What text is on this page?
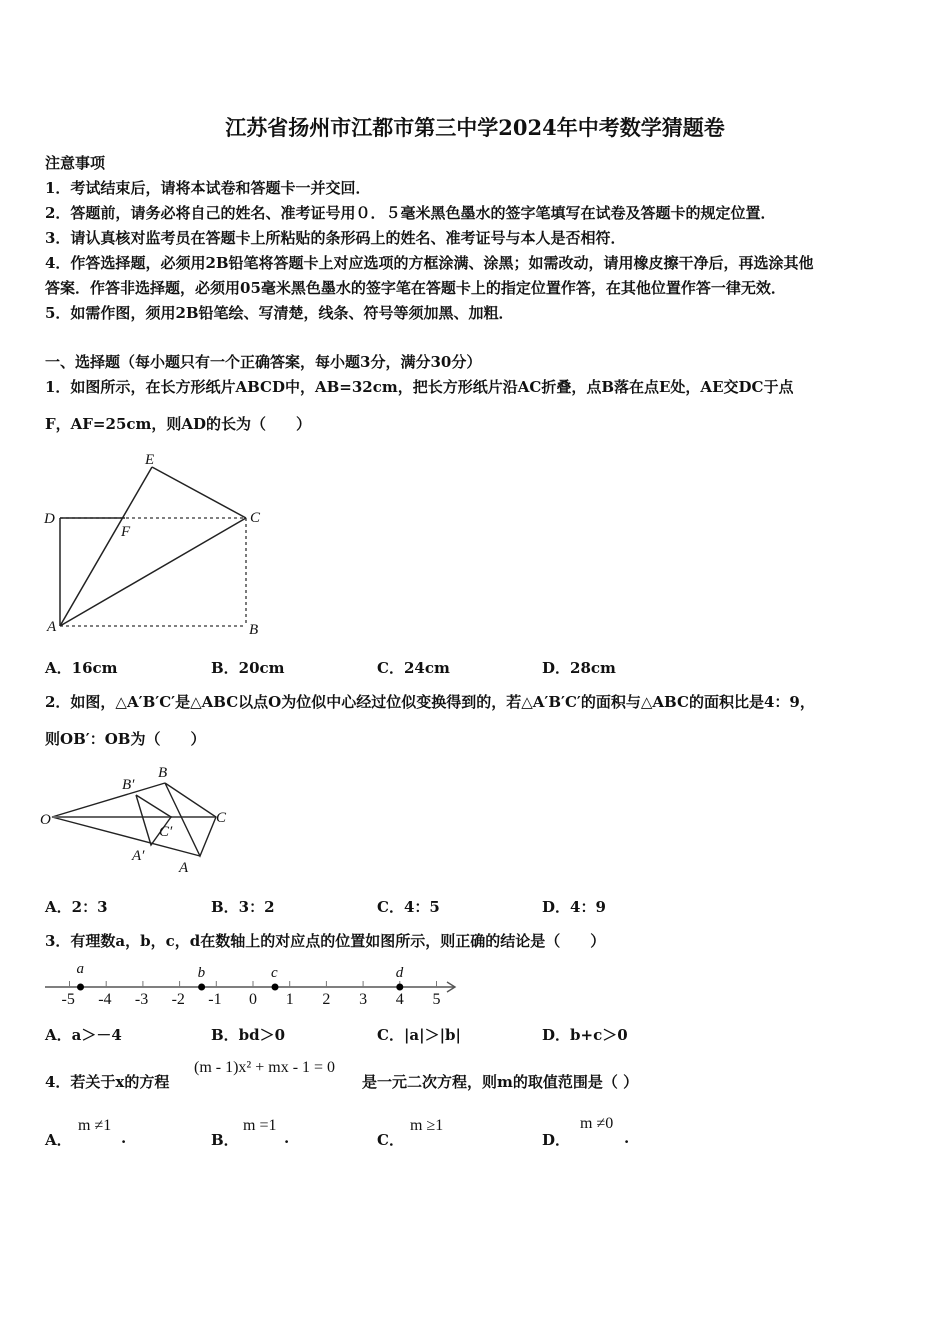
江苏省扬州市江都市第三中学2024年中考数学猜题卷
注意事项
1．考试结束后，请将本试卷和答题卡一并交回．
2．答题前，请务必将自己的姓名、准考证号用０．５毫米黑色墨水的签字笔填写在试卷及答题卡的规定位置．
3．请认真核对监考员在答题卡上所粘贴的条形码上的姓名、准考证号与本人是否相符．
4．作答选择题，必须用2B铅笔将答题卡上对应选项的方框涂满、涂黑；如需改动，请用橡皮擦干净后，再选涂其他
答案．作答非选择题，必须用05毫米黑色墨水的签字笔在答题卡上的指定位置作答，在其他位置作答一律无效．
5．如需作图，须用2B铅笔绘、写清楚，线条、符号等须加黑、加粗．
一、选择题（每小题只有一个正确答案，每小题3分，满分30分）
1．如图所示，在长方形纸片ABCD中，AB=32cm，把长方形纸片沿AC折叠，点B落在点E处，AE交DC于点
F，AF=25cm，则AD的长为（　　）
E
D	C
F
A	B
A．16cm	B．20cm	C．24cm	D．28cm
2．如图，△A′B′C′是△ABC以点O为位似中心经过位似变换得到的，若△A′B′C′的面积与△ABC的面积比是4：9，
则OB′：OB为（　　）
O
B′
B
C
C′
A′
A
A．2：3	B．3：2	C．4：5	D．4：9
3．有理数a，b，c，d在数轴上的对应点的位置如图所示，则正确的结论是（　　）
-5 -4 -3 -2 -1 0 1 2 3 4 5
a	b	c	d
A．a＞－4	B．bd＞0	C．|a|＞|b|	D．b+c＞0
4．若关于x的方程
(m - 1)x² + mx - 1 = 0
是一元二次方程，则m的取值范围是（ ）
A．
m ≠1
.	B．
m =1
.	C．
m ≥1
D．
m ≠0
.
